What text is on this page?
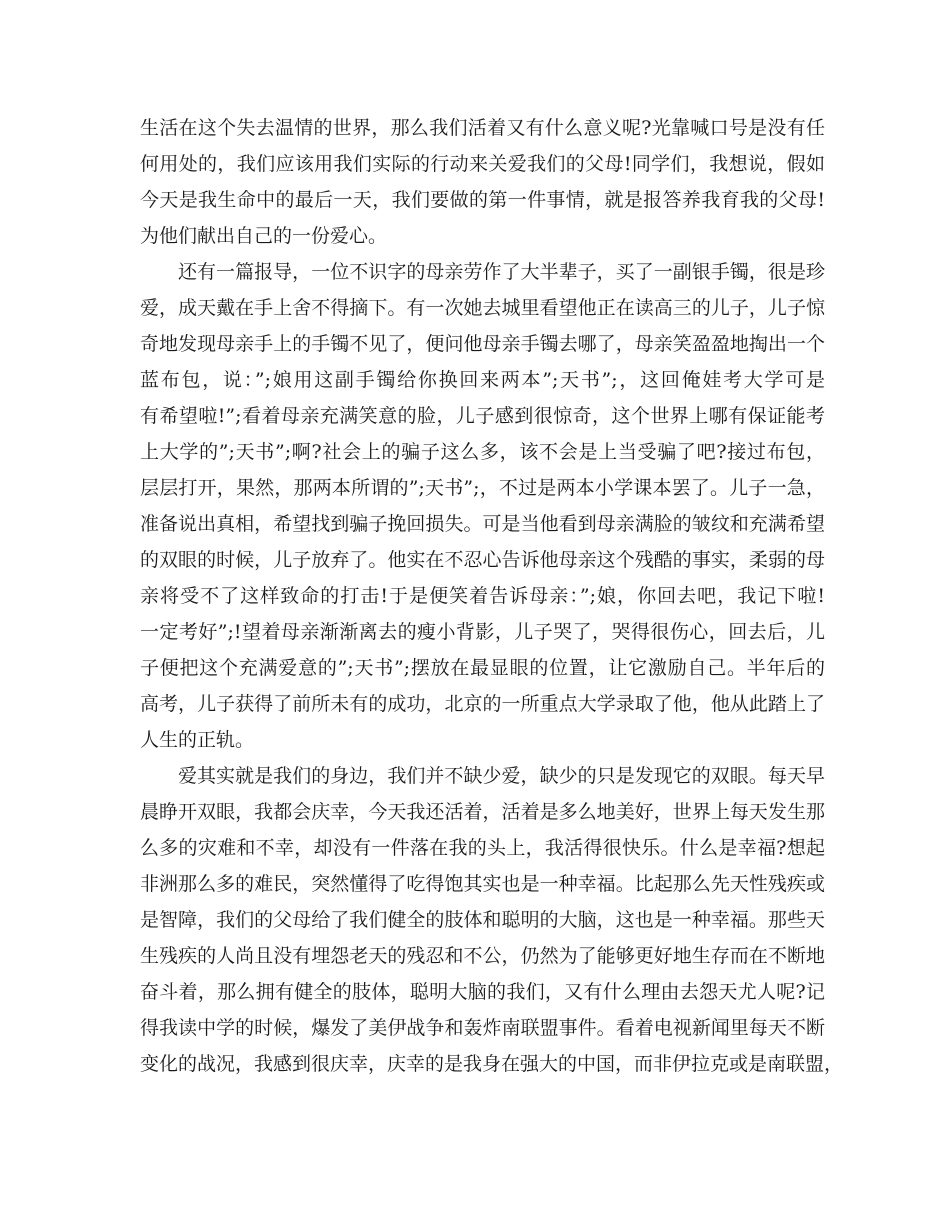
生活在这个失去温情的世界，那么我们活着又有什么意义呢?光靠喊口号是没有任
何用处的，我们应该用我们实际的行动来关爱我们的父母!同学们，我想说，假如
今天是我生命中的最后一天，我们要做的第一件事情，就是报答养我育我的父母!
为他们献出自己的一份爱心。
还有一篇报导，一位不识字的母亲劳作了大半辈子，买了一副银手镯，很是珍
爱，成天戴在手上舍不得摘下。有一次她去城里看望他正在读高三的儿子，儿子惊
奇地发现母亲手上的手镯不见了，便问他母亲手镯去哪了，母亲笑盈盈地掏出一个
蓝布包，说：”;娘用这副手镯给你换回来两本”;天书”;，这回俺娃考大学可是
有希望啦!”;看着母亲充满笑意的脸，儿子感到很惊奇，这个世界上哪有保证能考
上大学的”;天书”;啊?社会上的骗子这么多，该不会是上当受骗了吧?接过布包，
层层打开，果然，那两本所谓的”;天书”;，不过是两本小学课本罢了。儿子一急，
准备说出真相，希望找到骗子挽回损失。可是当他看到母亲满脸的皱纹和充满希望
的双眼的时候，儿子放弃了。他实在不忍心告诉他母亲这个残酷的事实，柔弱的母
亲将受不了这样致命的打击!于是便笑着告诉母亲：”;娘，你回去吧，我记下啦!
一定考好”;!望着母亲渐渐离去的瘦小背影，儿子哭了，哭得很伤心，回去后，儿
子便把这个充满爱意的”;天书”;摆放在最显眼的位置，让它激励自己。半年后的
高考，儿子获得了前所未有的成功，北京的一所重点大学录取了他，他从此踏上了
人生的正轨。
爱其实就是我们的身边，我们并不缺少爱，缺少的只是发现它的双眼。每天早
晨睁开双眼，我都会庆幸，今天我还活着，活着是多么地美好，世界上每天发生那
么多的灾难和不幸，却没有一件落在我的头上，我活得很快乐。什么是幸福?想起
非洲那么多的难民，突然懂得了吃得饱其实也是一种幸福。比起那么先天性残疾或
是智障，我们的父母给了我们健全的肢体和聪明的大脑，这也是一种幸福。那些天
生残疾的人尚且没有埋怨老天的残忍和不公，仍然为了能够更好地生存而在不断地
奋斗着，那么拥有健全的肢体，聪明大脑的我们，又有什么理由去怨天尤人呢?记
得我读中学的时候，爆发了美伊战争和轰炸南联盟事件。看着电视新闻里每天不断
变化的战况，我感到很庆幸，庆幸的是我身在强大的中国，而非伊拉克或是南联盟，
